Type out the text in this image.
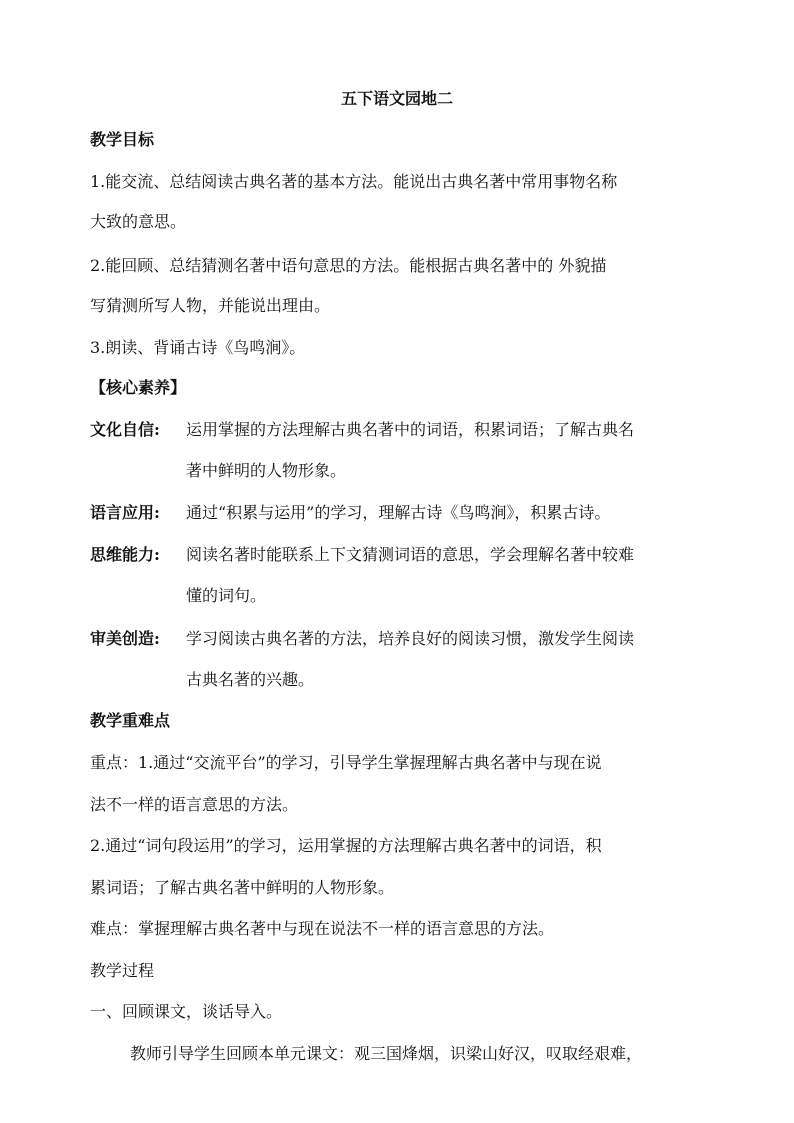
五下语文园地二
教学目标
1.能交流、总结阅读古典名著的基本方法。能说出古典名著中常用事物名称
大致的意思。
2.能回顾、总结猜测名著中语句意思的方法。能根据古典名著中的 外貌描
写猜测所写人物，并能说出理由。
3.朗读、背诵古诗《鸟鸣涧》。
【核心素养】
文化自信: 运用掌握的方法理解古典名著中的词语，积累词语；了解古典名
著中鲜明的人物形象。
语言应用: 通过“积累与运用”的学习，理解古诗《鸟鸣涧》，积累古诗。
思维能力: 阅读名著时能联系上下文猜测词语的意思，学会理解名著中较难
懂的词句。
审美创造: 学习阅读古典名著的方法，培养良好的阅读习惯，激发学生阅读
古典名著的兴趣。
教学重难点
重点：1.通过“交流平台”的学习，引导学生掌握理解古典名著中与现在说
法不一样的语言意思的方法。
2.通过“词句段运用”的学习，运用掌握的方法理解古典名著中的词语，积
累词语；了解古典名著中鲜明的人物形象。
难点：掌握理解古典名著中与现在说法不一样的语言意思的方法。
教学过程
一、回顾课文，谈话导入。
教师引导学生回顾本单元课文：观三国烽烟，识梁山好汉，叹取经艰难，
